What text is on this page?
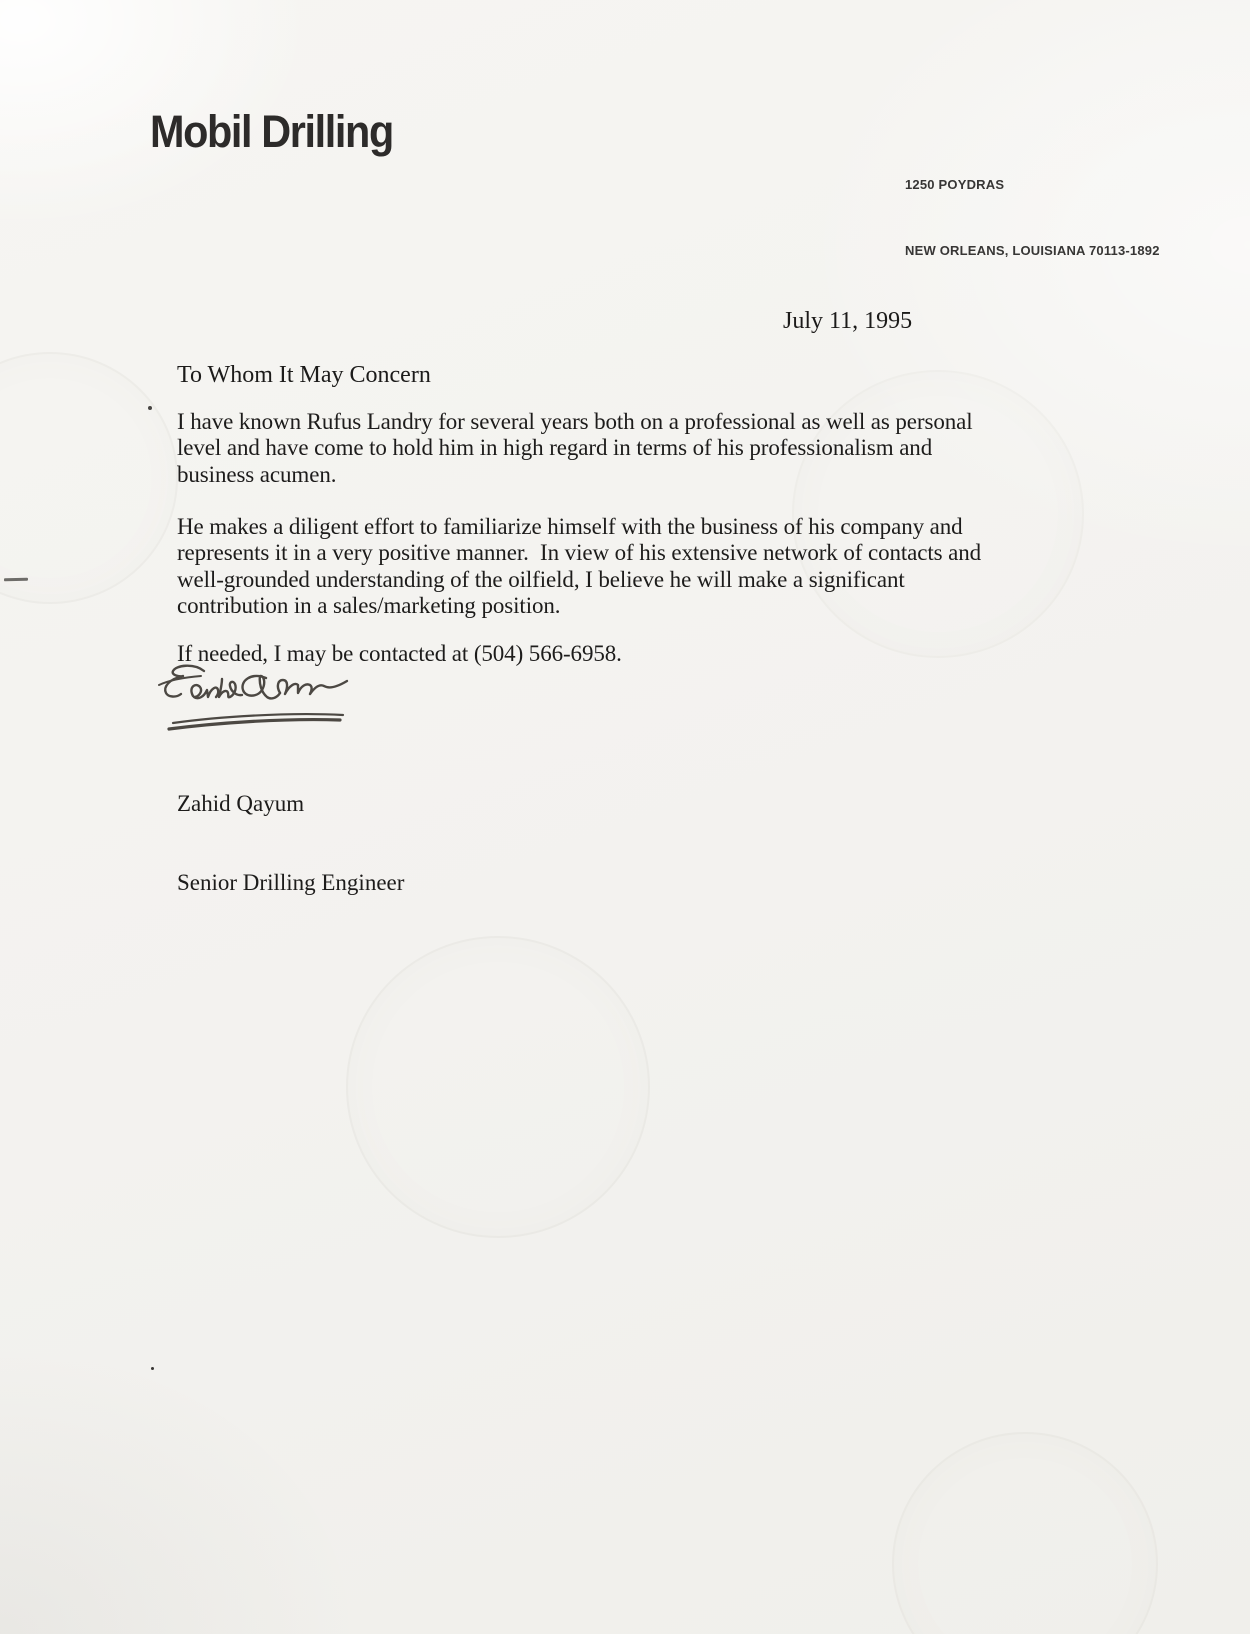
Mobil Drilling

1250 POYDRAS

NEW ORLEANS, LOUISIANA 70113-1892

July 11, 1995
To Whom It May Concern
I have known Rufus Landry for several years both on a professional as well as personal
level and have come to hold him in high regard in terms of his professionalism and
business acumen.
He makes a diligent effort to familiarize himself with the business of his company and
represents it in a very positive manner.  In view of his extensive network of contacts and
well-grounded understanding of the oilfield, I believe he will make a significant
contribution in a sales/marketing position.
If needed, I may be contacted at (504) 566-6958.

Zahid Qayum

Senior Drilling Engineer
